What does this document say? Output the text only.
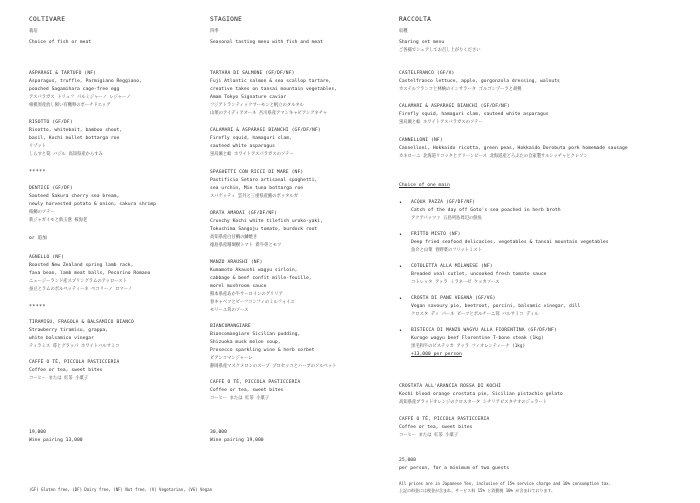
COLTIVARE
栽培
Choice of fish or meat
ASPARAGI & TARTUFO (NF)
Asparagus, truffle, Parmigiano Reggiano,
poached Sagamihara cage-free egg
アスパラガス トリュフ パルミジャーノ レジャーノ
相模原産放し飼い有機卵のポーチドエッグ
RISOTTO (GF/DF)
Risotto, whitebait, bamboo shoot,
basil, Kochi mullet bottarga roe
リゾット
しらすと筍 バジル 高知県産からすみ
*****
DENTICE (GF/DF)
Sauteed Sakura cherry sea bream,
newly harvested potato & onion, sakura shrimp
桜鯛のソテー
新ジャガイモと新玉葱 桜海老
or 追加
AGNELLO (NF)
Roasted New Zealand spring lamb rack,
fava bean, lamb meat balls, Pecorino Romano
ニュージーランド産スプリングラムのアッロースト
蚕豆とラムのポルペッティーネ ペコリーノ ロマーノ
*****
TIRAMISU, FRAGOLA & BALSAMICO BIANCO
Strawberry tiramisu, grappa,
white balsamico vinegar
ティラミス 苺とグラッパ ホワイトバルサミコ
CAFFÈ O TÈ, PICCOLA PASTICCERIA
Coffee or tea, sweet bites
コーヒー または 紅茶 小菓子
19,000
Wine pairing 13,000
STAGIONE
四季
Seasonal tasting menu with fish and meat
TARTARA DI SALMONE (GF/DF/NF)
Fuji Atlantic salmon & sea scallop tartare,
creative takes on tansai mountain vegetables,
Amam Tokyo Signature caviar
フジアトランティックサーモンと帆立のタルタル
山菜のアイディアオーネ 吾川県産アマンキャビアシグネチャ
CALAMARI & ASPARAGI BIANCHI (GF/DF/NF)
Firefly squid, hamaguri clam,
sauteed white asparagus
蛍烏賊と蛤 ホワイトアスパラガスのソテー
SPAGHETTI CON RICCI DI MARE (NF)
Pastificio Setaro artisanal spaghetti,
sea urchin, Mie tuna bottarga roe
スパゲッティ 雲丹と三重県産鮪のボッタルガ
ORATA AMADAI (GF/DF/NF)
Crunchy Kochi white tilefish uroko-yaki,
Tokushima Sangoju tomato, burdock root
高知県産白甘鯛の鱗焼き
徳島県産珊瑚樹トマト 新牛蒡とモツ
MANZO ARAUSHI (NF)
Kumamoto Akaushi wagyu sirloin,
cabbage & beef confit mille-feuille,
morel mushroom sauce
熊本県産あか牛サーロインのグリリア
春キャベツとビーフコンフィのミルフォイユ
モリーユ茸のソース
BIANCOMANGIARE
Biancomangiare Sicilian pudding,
Shizuoka musk melon soup,
Prosecco sparkling wine & herb sorbet
ビアンコマンジャーレ
静岡県産マスクメロンのスープ プロセッコとハーブのソルベット
CAFFÈ O TÈ, PICCOLA PASTICCERIA
Coffee or tea, sweet bites
コーヒー または 紅茶 小菓子
30,000
Wine pairing 19,000
RACCOLTA
収穫
Sharing set menu
ご各様でシェアしてお召し上がりください
CASTELFRANCO (GF/V)
Castelfranco lettuce, apple, gorgonzola dressing, walnuts
カステルフランコと林檎のインサラータ ゴルゴンゾーラと胡桃
CALAMARI & ASPARAGI BIANCHI (GF/DF/NF)
Firefly squid, hamaguri clam, sauteed white asparagus
蛍烏賊と蛤 ホワイトアスパラガスのソテー
CANNELLONI (NF)
Cannelloni, Hokkaido ricotta, green peas, Hokkaido Dorobuta pork homemade sausage
カネローニ 北海道リコッタとグリーンピース 北海道産どろぶたの自家製サルシッチャとクレソン
Choice of one main
• ACQUA PAZZA (GF/DF/NF)
Catch of the day off Goto's sea poached in herb broth
アクアパッツァ 五島列島周辺の鮮魚
• FRITTO MISTO (NF)
Deep fried seafood delicacies, vegetables & tansai mountain vegetables
魚介と山菜 春野菜のフリットミスト
• COTOLETTA ALLA MILANESE (NF)
Breaded veal cutlet, uncooked fresh tomato sauce
コトレッタ アッラ ミラネーゼ ケッカソース
• CROSTA DI PANE VEGANA (GF/VG)
Vegan savoury pie, beetroot, porcini, balsamic vinegar, dill
クロスタ ディ パーネ ビーツとポルチーニ茸 バルサミコ ディル
• BISTECCA DI MANZO WAGYU ALLA FIORENTINA (GF/DF/NF)
Kuroge wagyu beef Florentine T-bone steak (1kg)
黒毛和牛のビステッカ アッラ フィオレンティーナ (1kg)
+13,000 per person
CROSTATA ALL'ARANCIA ROSSA DI KOCHI
Kochi blood orange crostata pie, Sicilian pistachio gelato
高知県産ブラッドオレンジのクロスタータ シチリアピスタチオのジェラート
CAFFÈ O TÈ, PICCOLA PASTICCERIA
Coffee or tea, sweet bites
コーヒー または 紅茶 小菓子
25,000
per person, for a minimum of two guests
All prices are in Japanese Yen, inclusive of 15% service charge and 10% consumption tax.
上記の料金には税金が含まれ、サービス料 15% と消費税 10% が含まれております。
(GF) Gluten free, (DF) Dairy free, (NF) Nut free, (V) Vegetarian, (VG) Vegan
